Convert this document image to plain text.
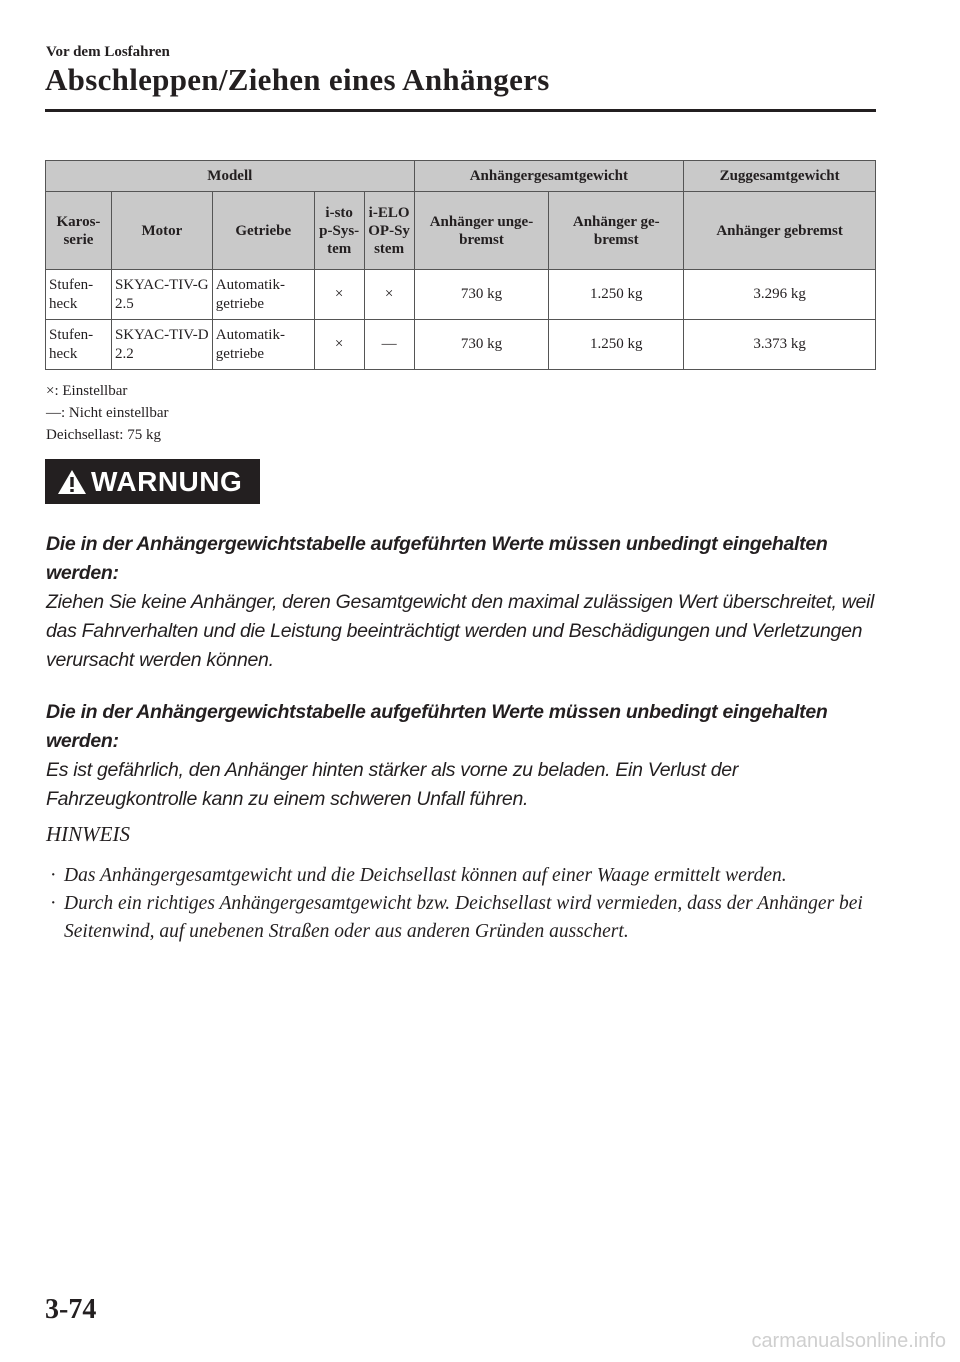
Vor dem Losfahren
Abschleppen/Ziehen eines Anhängers
Modell					Anhängergesamtgewicht		Zuggesamtgewicht
Karos-serie	Motor	Getriebe	i-sto p-Sys-tem	i-ELO OP-Sy stem	Anhänger unge-bremst	Anhänger ge-bremst	Anhänger gebremst
Stufen-heck	SKYAC-TIV-G 2.5	Automatik-getriebe	×	×	730 kg	1.250 kg	3.296 kg
Stufen-heck	SKYAC-TIV-D 2.2	Automatik-getriebe	×	—	730 kg	1.250 kg	3.373 kg
×: Einstellbar
—: Nicht einstellbar
Deichsellast: 75 kg
WARNUNG

Die in der Anhängergewichtstabelle aufgeführten Werte müssen unbedingt eingehalten werden:

Ziehen Sie keine Anhänger, deren Gesamtgewicht den maximal zulässigen Wert überschreitet, weil das Fahrverhalten und die Leistung beeinträchtigt werden und Beschädigungen und Verletzungen verursacht werden können.

Die in der Anhängergewichtstabelle aufgeführten Werte müssen unbedingt eingehalten werden:

Es ist gefährlich, den Anhänger hinten stärker als vorne zu beladen. Ein Verlust der Fahrzeugkontrolle kann zu einem schweren Unfall führen.

HINWEIS
· Das Anhängergesamtgewicht und die Deichsellast können auf einer Waage ermittelt werden.
· Durch ein richtiges Anhängergesamtgewicht bzw. Deichsellast wird vermieden, dass der Anhänger bei Seitenwind, auf unebenen Straßen oder aus anderen Gründen ausschert.
3-74
carmanualsonline.info
